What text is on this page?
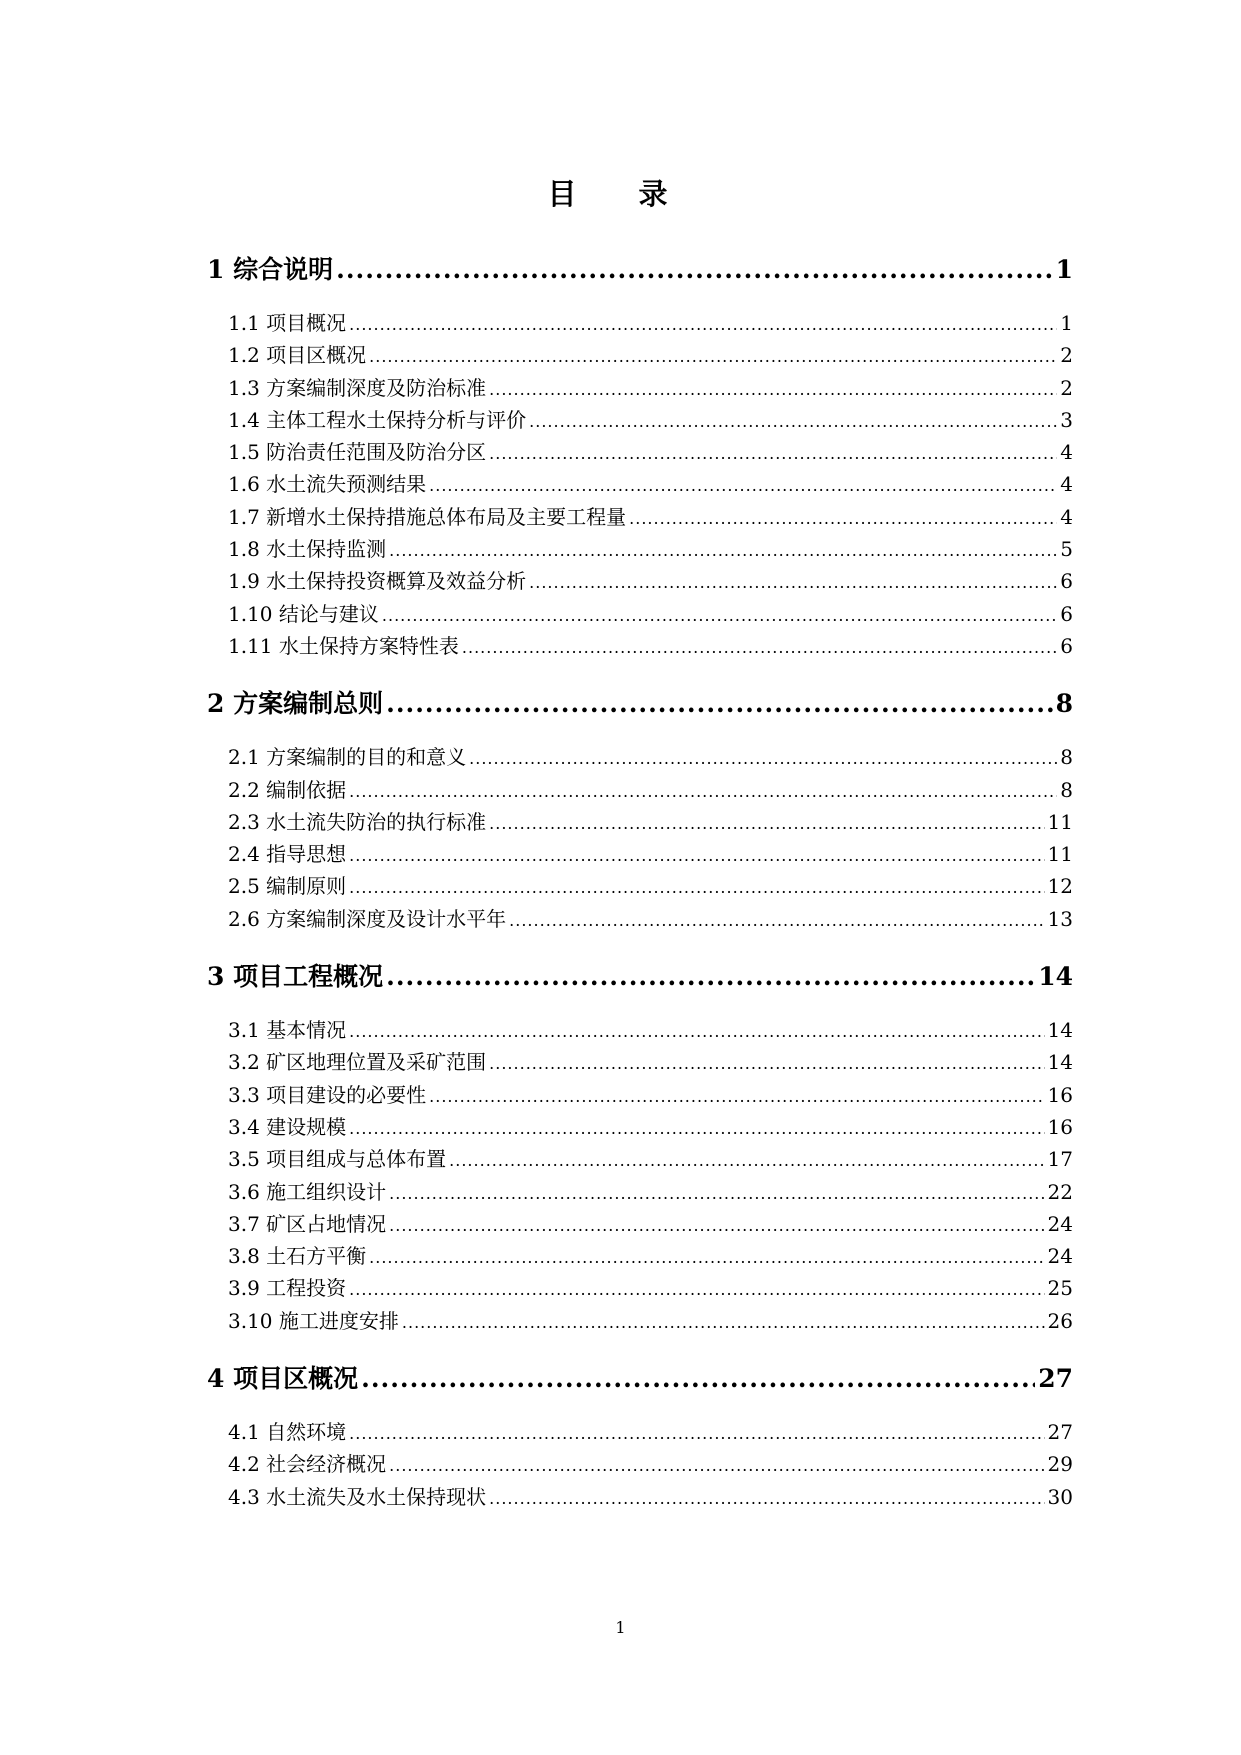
目 录
1 综合说明 .....	1
1.1 项目概况 .....	1
1.2 项目区概况 .....	2
1.3 方案编制深度及防治标准 .....	2
1.4 主体工程水土保持分析与评价 .....	3
1.5 防治责任范围及防治分区 .....	4
1.6 水土流失预测结果 .....	4
1.7 新增水土保持措施总体布局及主要工程量 .....	4
1.8 水土保持监测 .....	5
1.9 水土保持投资概算及效益分析 .....	6
1.10 结论与建议 .....	6
1.11 水土保持方案特性表 .....	6
2 方案编制总则 .....	8
2.1 方案编制的目的和意义 .....	8
2.2 编制依据 .....	8
2.3 水土流失防治的执行标准 .....	11
2.4 指导思想 .....	11
2.5 编制原则 .....	12
2.6 方案编制深度及设计水平年 .....	13
3 项目工程概况 .....	14
3.1 基本情况 .....	14
3.2 矿区地理位置及采矿范围 .....	14
3.3 项目建设的必要性 .....	16
3.4 建设规模 .....	16
3.5 项目组成与总体布置 .....	17
3.6 施工组织设计 .....	22
3.7 矿区占地情况 .....	24
3.8 土石方平衡 .....	24
3.9 工程投资 .....	25
3.10 施工进度安排 .....	26
4 项目区概况 .....	27
4.1 自然环境 .....	27
4.2 社会经济概况 .....	29
4.3 水土流失及水土保持现状 .....	30
1
